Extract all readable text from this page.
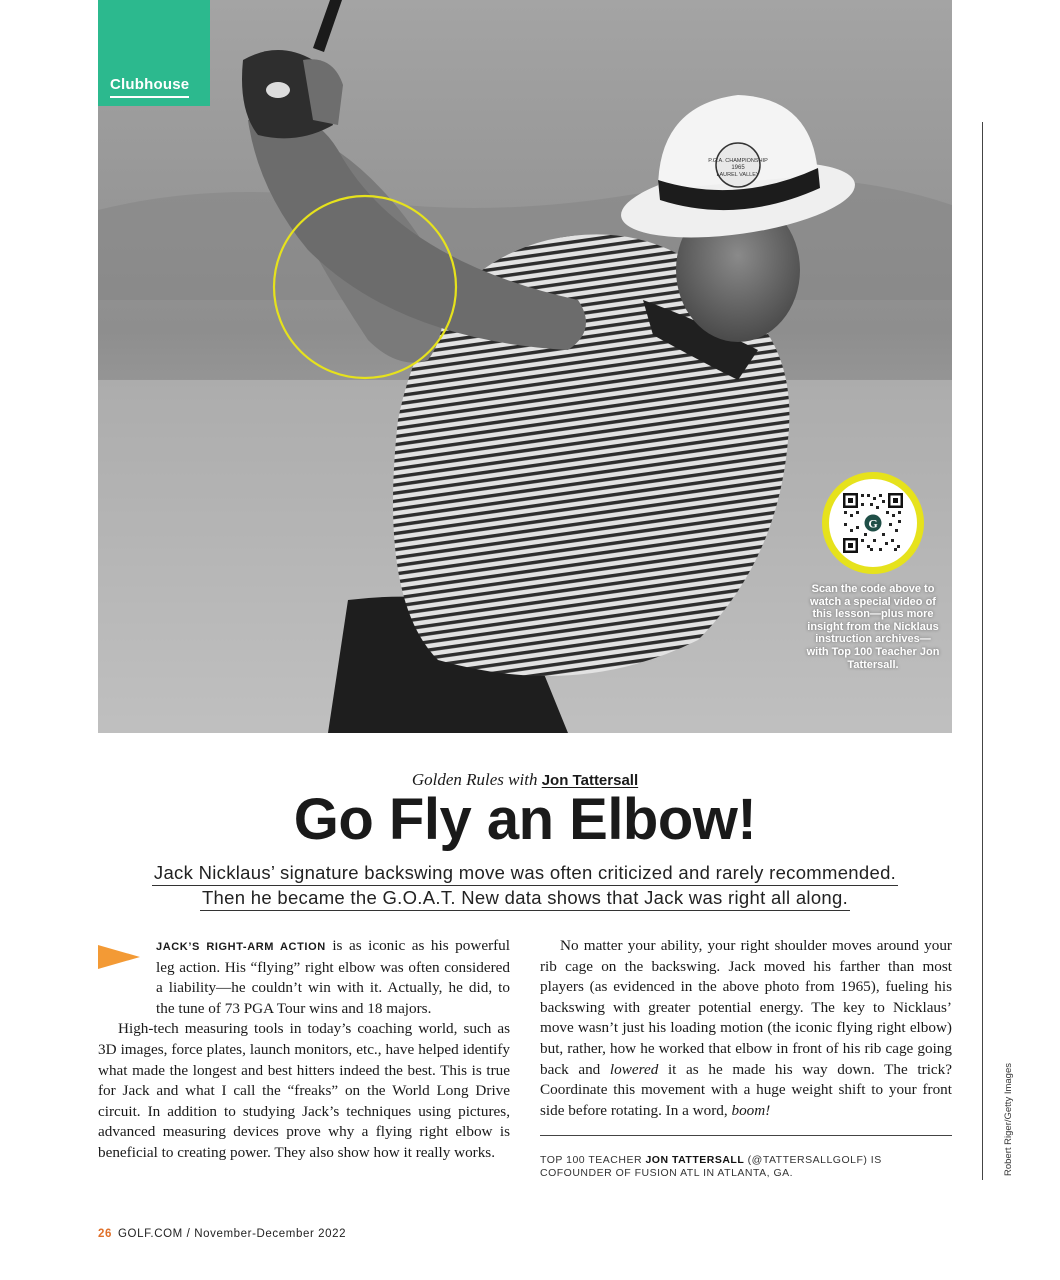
P.G.A. CHAMPIONSHIP
1965
LAUREL VALLEY
Clubhouse
G
Scan the code above to watch a special video of this lesson—plus more insight from the Nicklaus instruction archives—with Top 100 Teacher Jon Tattersall.
Robert Riger/Getty Images
Golden Rules with Jon Tattersall
Go Fly an Elbow!
Jack Nicklaus’ signature backswing move was often criticized and rarely recommended.
Then he became the G.O.A.T. New data shows that Jack was right all along.

JACK’S RIGHT-ARM ACTION is as iconic as his powerful leg action. His “flying” right elbow was often considered a liability—he couldn’t win with it. Actually, he did, to the tune of 73 PGA Tour wins and 18 majors.

High-tech measuring tools in today’s coaching world, such as 3D images, force plates, launch monitors, etc., have helped identify what made the longest and best hitters indeed the best. This is true for Jack and what I call the “freaks” on the World Long Drive circuit. In addition to studying Jack’s techniques using pictures, advanced measuring devices prove why a flying right elbow is beneficial to creating power. They also show how it really works.

No matter your ability, your right shoulder moves around your rib cage on the backswing. Jack moved his farther than most players (as evidenced in the above photo from 1965), fueling his backswing with greater potential energy. The key to Nicklaus’ move wasn’t just his loading motion (the iconic flying right elbow) but, rather, how he worked that elbow in front of his rib cage going back and lowered it as he made his way down. The trick? Coordinate this movement with a huge weight shift to your front side before rotating. In a word, boom!

TOP 100 TEACHER JON TATTERSALL (@TATTERSALLGOLF) IS COFOUNDER OF FUSION ATL IN ATLANTA, GA.
26 GOLF.COM / November-December 2022
